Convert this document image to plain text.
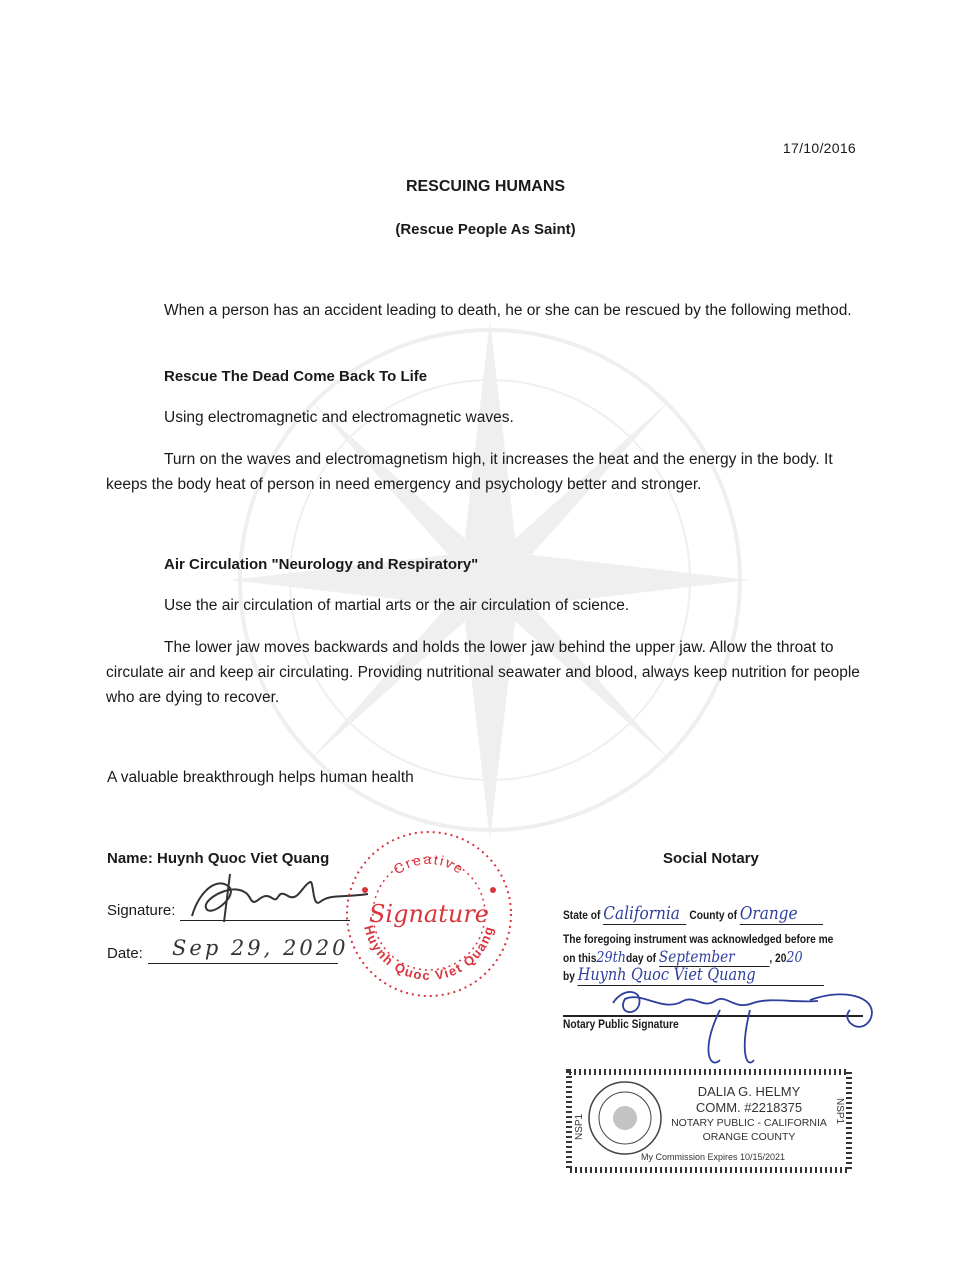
17/10/2016
RESCUING HUMANS
(Rescue People As Saint)
When a person has an accident leading to death, he or she can be rescued by the following method.
Rescue The Dead Come Back To Life
Using electromagnetic and electromagnetic waves.
Turn on the waves and electromagnetism high, it increases the heat and the energy in the body. It keeps the body heat of person in need emergency and psychology better and stronger.
Air Circulation "Neurology and Respiratory"
Use the air circulation of martial arts or the air circulation of science.
The lower jaw moves backwards and holds the lower jaw behind the upper jaw. Allow the throat to circulate air and keep air circulating. Providing nutritional seawater and blood, always keep nutrition for people who are dying to recover.
A valuable breakthrough helps human health
Name: Huynh Quoc Viet Quang
Signature:
Date: Sep 29, 2020
Creative
Huynh Quoc Viet Quang
Signature
Social Notary
State of California County of Orange
The foregoing instrument was acknowledged before me
on this29thday of September	, 2020
by Huynh Quoc Viet Quang
Notary Public Signature
DALIA G. HELMY
COMM. #2218375
NOTARY PUBLIC - CALIFORNIA
ORANGE COUNTY
My Commission Expires 10/15/2021
NSP1
NSP1
